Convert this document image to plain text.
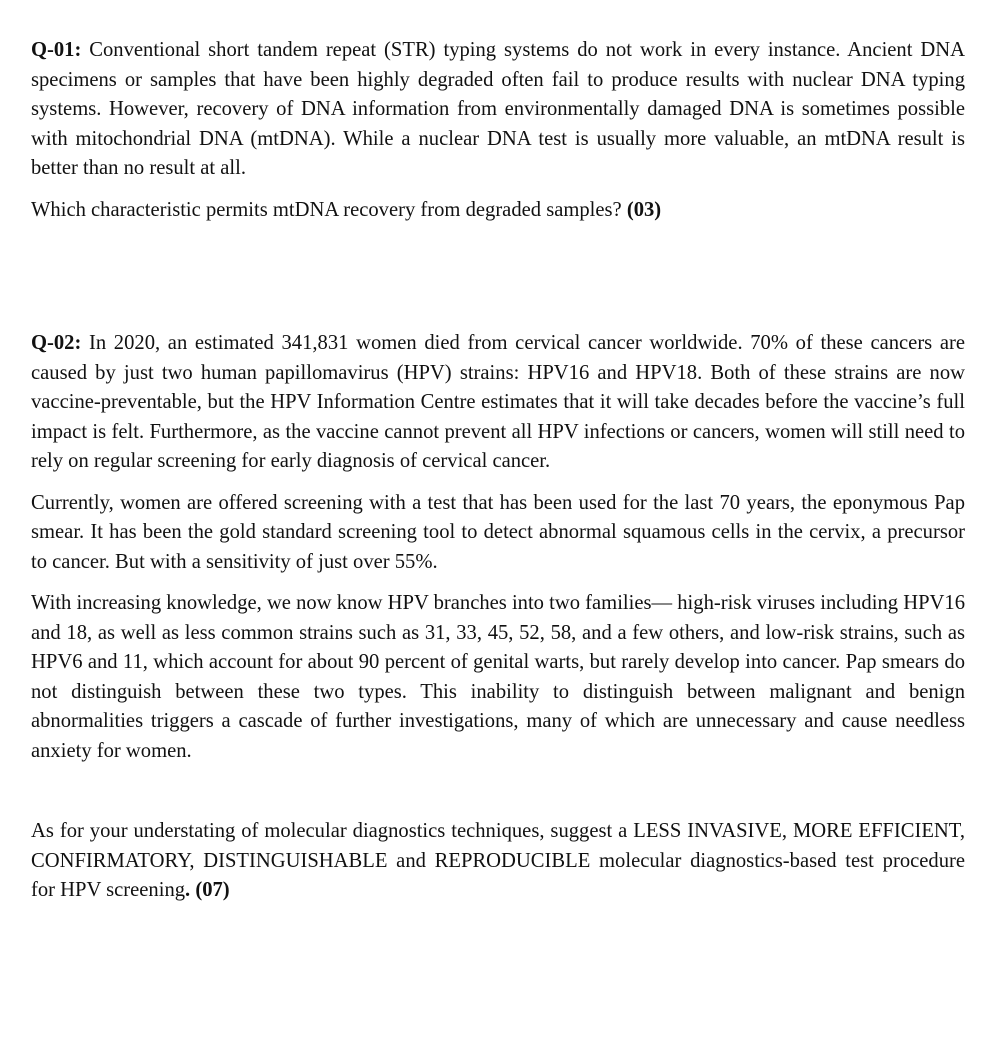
Q-01: Conventional short tandem repeat (STR) typing systems do not work in every instance. Ancient DNA specimens or samples that have been highly degraded often fail to produce results with nuclear DNA typing systems. However, recovery of DNA information from environmentally damaged DNA is sometimes possible with mitochondrial DNA (mtDNA). While a nuclear DNA test is usually more valuable, an mtDNA result is better than no result at all.

Which characteristic permits mtDNA recovery from degraded samples? (03)

Q-02: In 2020, an estimated 341,831 women died from cervical cancer worldwide. 70% of these cancers are caused by just two human papillomavirus (HPV) strains: HPV16 and HPV18. Both of these strains are now vaccine-preventable, but the HPV Information Centre estimates that it will take decades before the vaccine’s full impact is felt. Furthermore, as the vaccine cannot prevent all HPV infections or cancers, women will still need to rely on regular screening for early diagnosis of cervical cancer.

Currently, women are offered screening with a test that has been used for the last 70 years, the eponymous Pap smear. It has been the gold standard screening tool to detect abnormal squamous cells in the cervix, a precursor to cancer. But with a sensitivity of just over 55%.

With increasing knowledge, we now know HPV branches into two families— high-risk viruses including HPV16 and 18, as well as less common strains such as 31, 33, 45, 52, 58, and a few others, and low-risk strains, such as HPV6 and 11, which account for about 90 percent of genital warts, but rarely develop into cancer. Pap smears do not distinguish between these two types. This inability to distinguish between malignant and benign abnormalities triggers a cascade of further investigations, many of which are unnecessary and cause needless anxiety for women.

As for your understating of molecular diagnostics techniques, suggest a LESS INVASIVE, MORE EFFICIENT, CONFIRMATORY, DISTINGUISHABLE and REPRODUCIBLE molecular diagnostics-based test procedure for HPV screening. (07)
